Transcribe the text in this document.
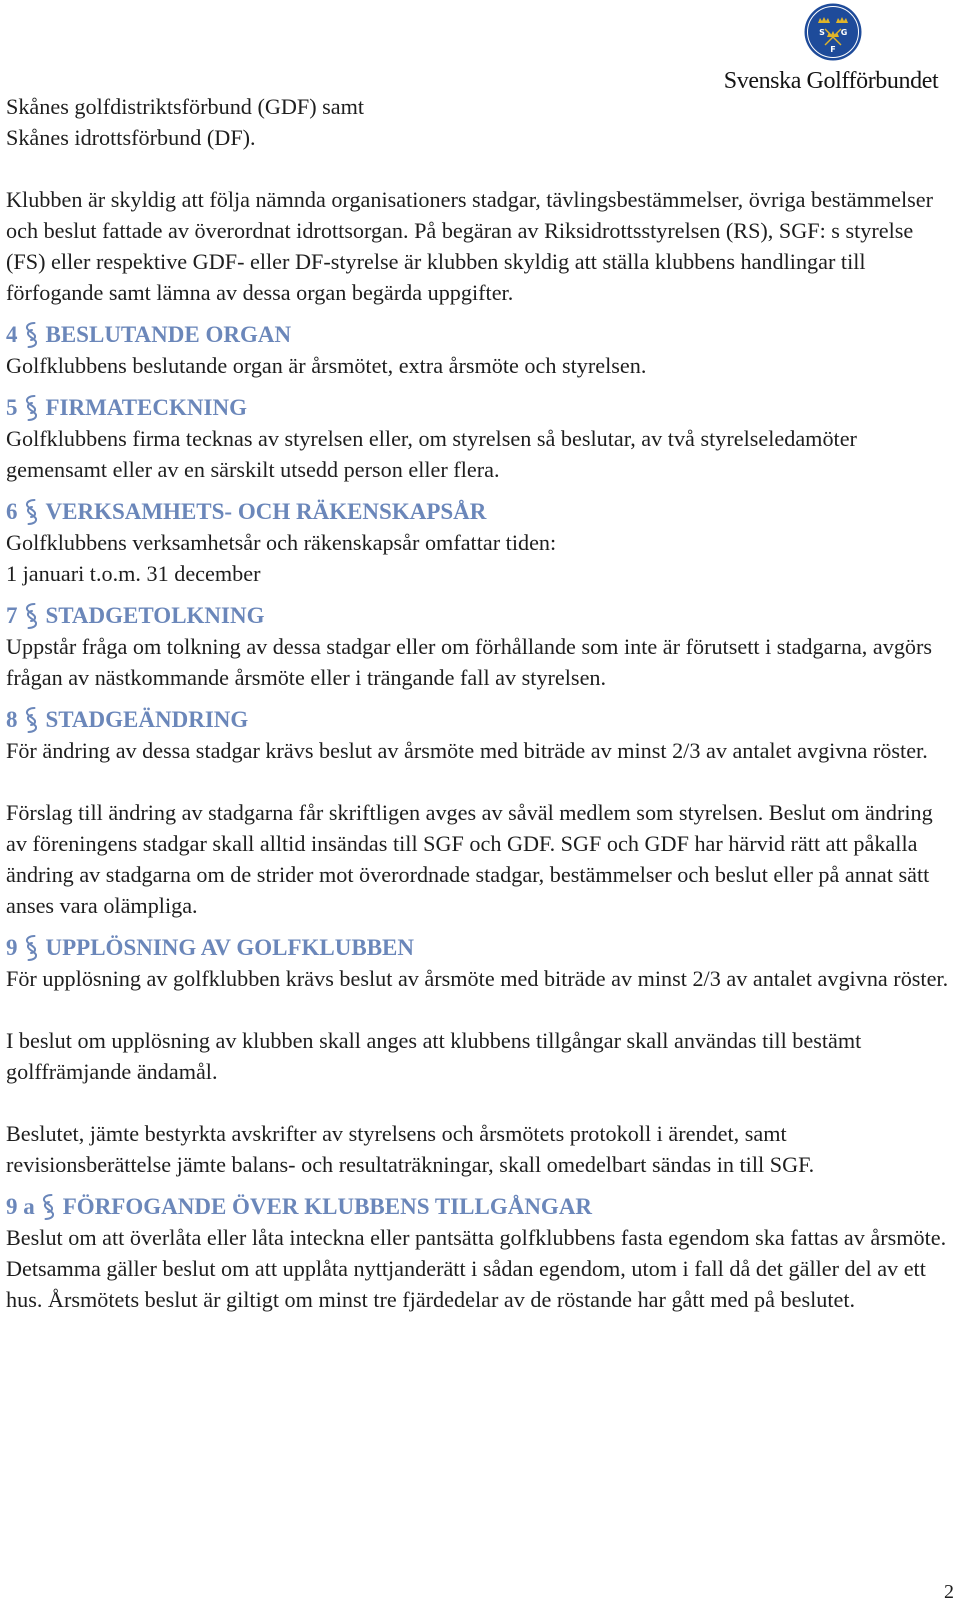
S G
F
Svenska Golfförbundet

Skånes golfdistriktsförbund (GDF) samt

Skånes idrottsförbund (DF).

Klubben är skyldig att följa nämnda organisationers stadgar, tävlingsbestämmelser, övriga bestämmelser och beslut fattade av överordnat idrottsorgan. På begäran av Riksidrottsstyrelsen (RS), SGF: s styrelse (FS) eller respektive GDF- eller DF-styrelse är klubben skyldig att ställa klubbens handlingar till förfogande samt lämna av dessa organ begärda uppgifter.

4 BESLUTANDE ORGAN

Golfklubbens beslutande organ är årsmötet, extra årsmöte och styrelsen.

5 FIRMATECKNING

Golfklubbens firma tecknas av styrelsen eller, om styrelsen så beslutar, av två styrelseledamöter gemensamt eller av en särskilt utsedd person eller flera.

6 VERKSAMHETS- OCH RÄKENSKAPSÅR

Golfklubbens verksamhetsår och räkenskapsår omfattar tiden:

1 januari t.o.m. 31 december

7 STADGETOLKNING

Uppstår fråga om tolkning av dessa stadgar eller om förhållande som inte är förutsett i stadgarna, avgörs frågan av nästkommande årsmöte eller i trängande fall av styrelsen.

8 STADGEÄNDRING

För ändring av dessa stadgar krävs beslut av årsmöte med biträde av minst 2/3 av antalet avgivna röster.

Förslag till ändring av stadgarna får skriftligen avges av såväl medlem som styrelsen. Beslut om ändring av föreningens stadgar skall alltid insändas till SGF och GDF. SGF och GDF har härvid rätt att påkalla ändring av stadgarna om de strider mot överordnade stadgar, bestämmelser och beslut eller på annat sätt anses vara olämpliga.

9 UPPLÖSNING AV GOLFKLUBBEN

För upplösning av golfklubben krävs beslut av årsmöte med biträde av minst 2/3 av antalet avgivna röster.

I beslut om upplösning av klubben skall anges att klubbens tillgångar skall användas till bestämt golffrämjande ändamål.

Beslutet, jämte bestyrkta avskrifter av styrelsens och årsmötets protokoll i ärendet, samt revisionsberättelse jämte balans- och resultaträkningar, skall omedelbart sändas in till SGF.

9 a FÖRFOGANDE ÖVER KLUBBENS TILLGÅNGAR

Beslut om att överlåta eller låta inteckna eller pantsätta golfklubbens fasta egendom ska fattas av årsmöte. Detsamma gäller beslut om att upplåta nyttjanderätt i sådan egendom, utom i fall då det gäller del av ett hus. Årsmötets beslut är giltigt om minst tre fjärdedelar av de röstande har gått med på beslutet.

2
